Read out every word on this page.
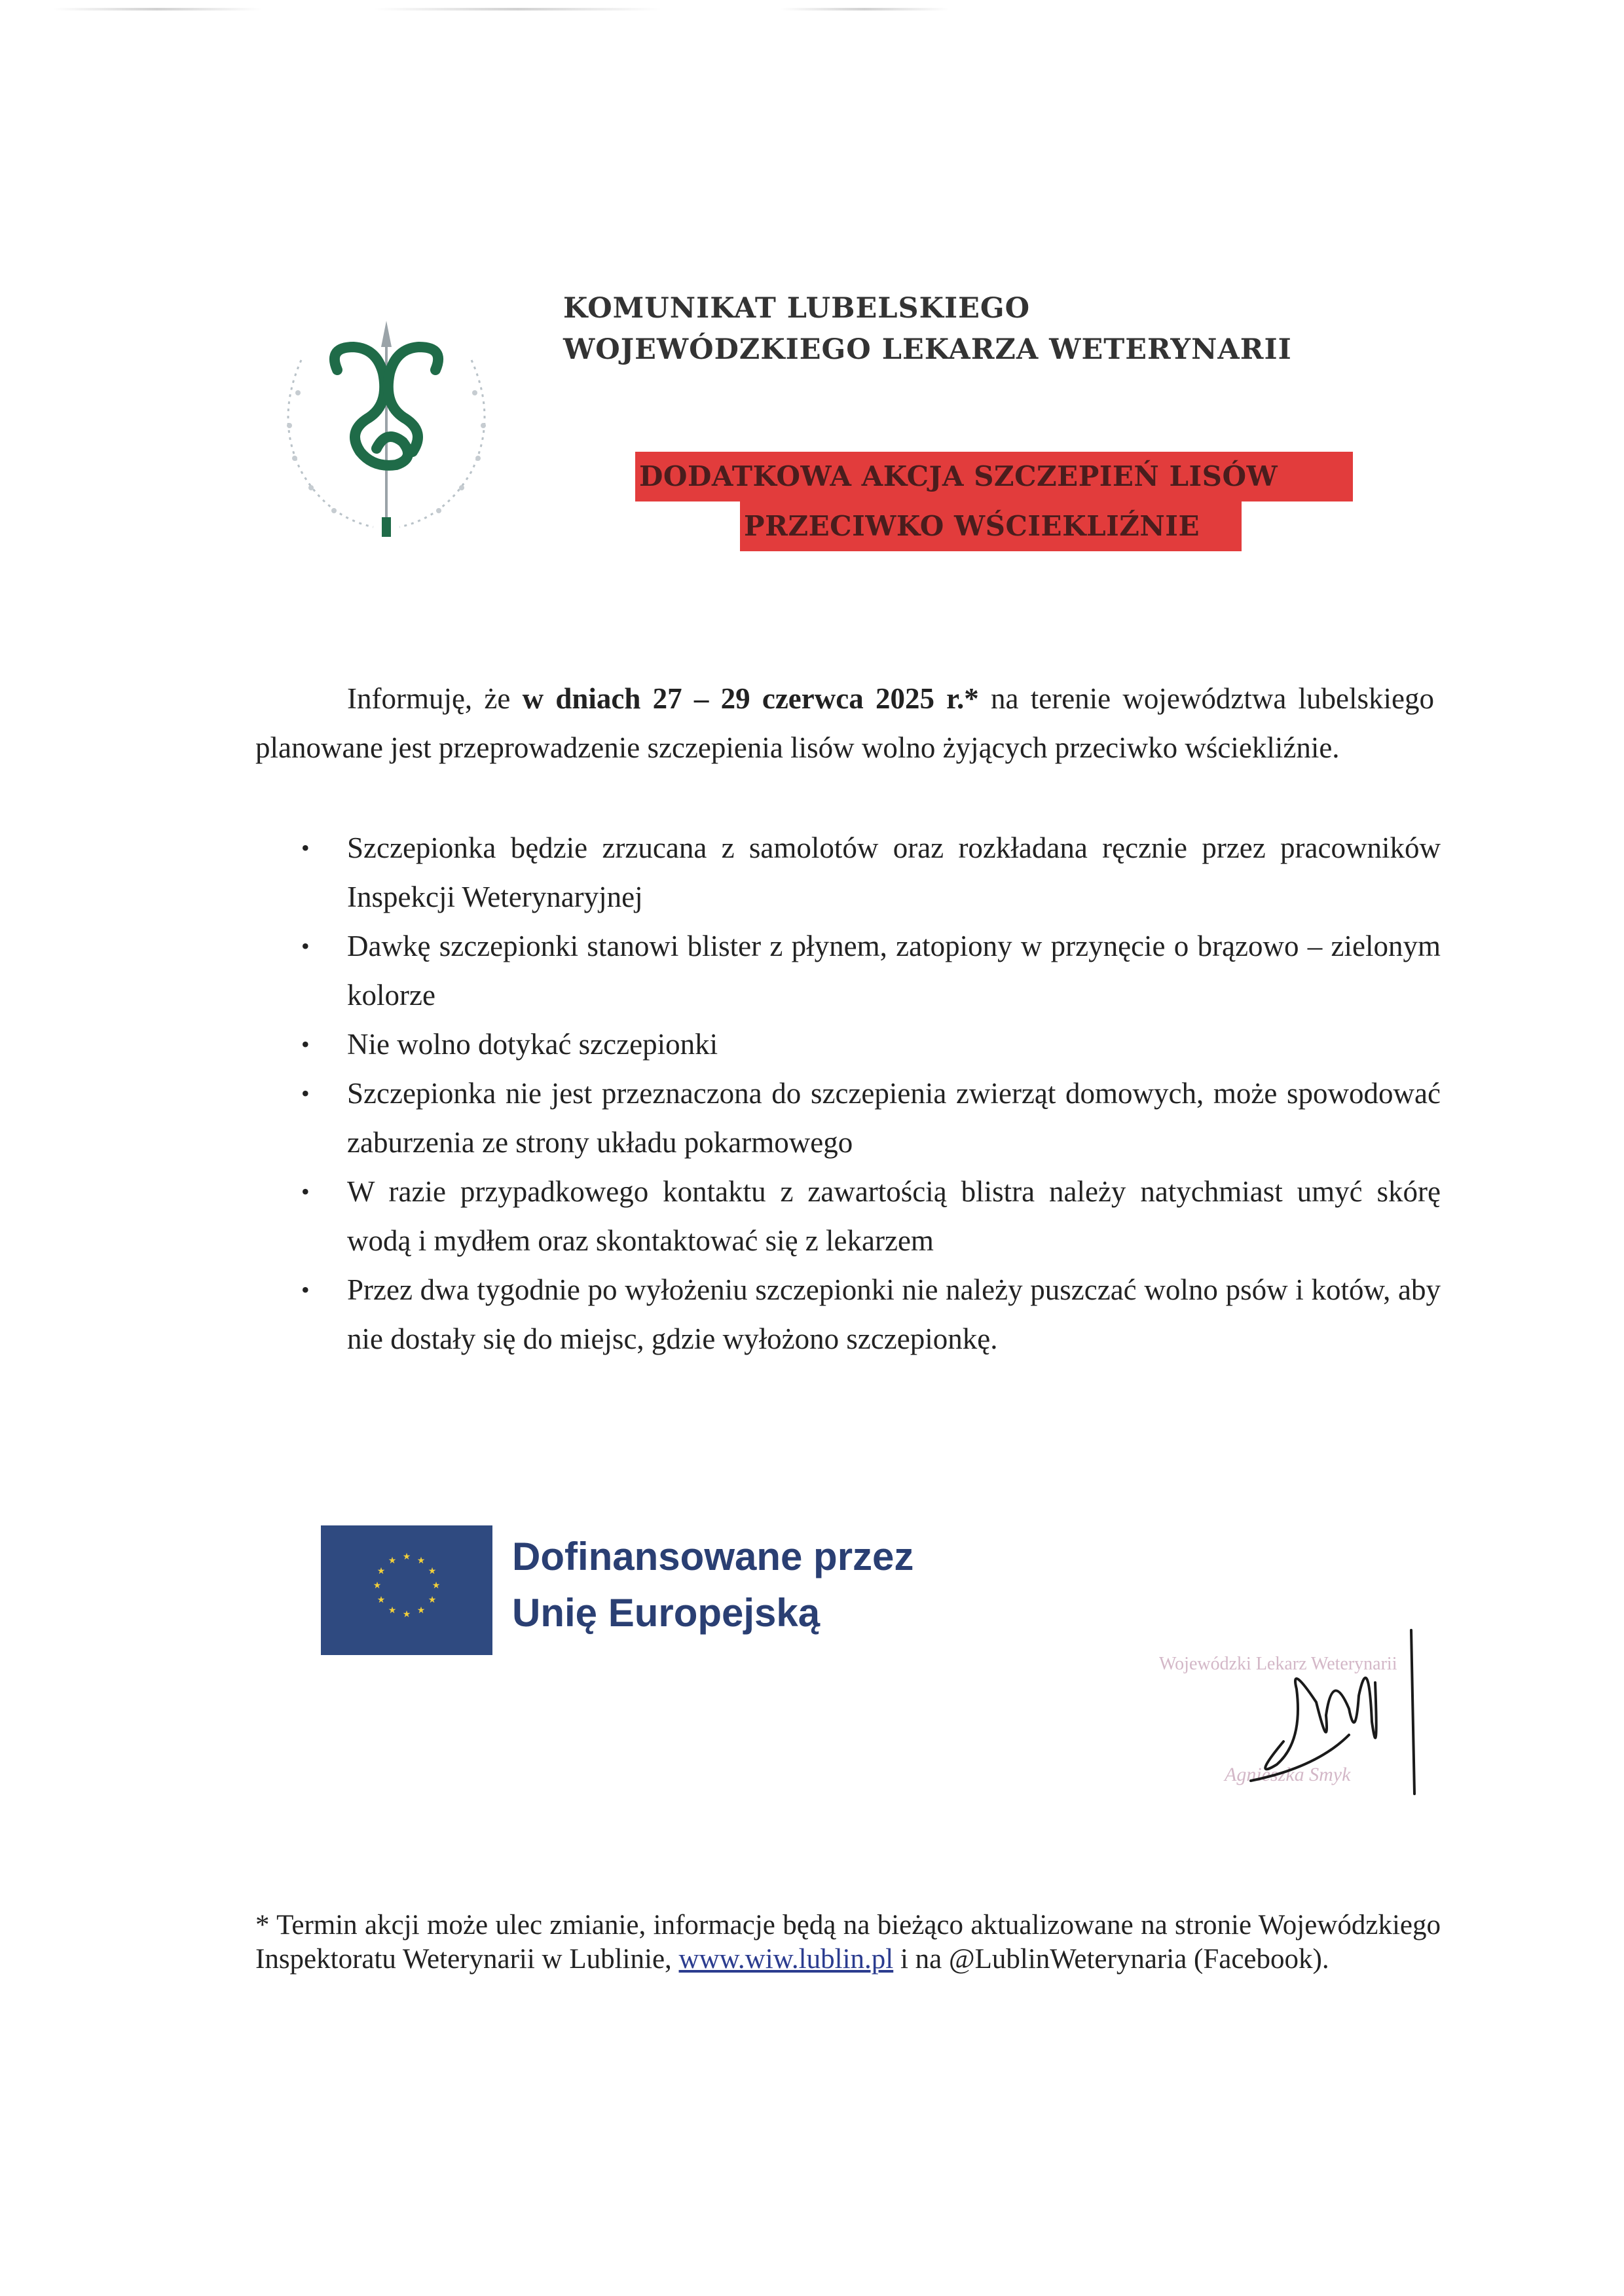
KOMUNIKAT LUBELSKIEGO
WOJEWÓDZKIEGO LEKARZA WETERYNARII
DODATKOWA AKCJA SZCZEPIEŃ LISÓW
PRZECIWKO WŚCIEKLIŹNIE
Informuję, że w dniach 27 – 29 czerwca 2025 r.* na terenie województwa lubelskiego planowane jest przeprowadzenie szczepienia lisów wolno żyjących przeciwko wściekliźnie.
• Szczepionka będzie zrzucana z samolotów oraz rozkładana ręcznie przez pracowników Inspekcji Weterynaryjnej
• Dawkę szczepionki stanowi blister z płynem, zatopiony w przynęcie o brązowo – zielonym kolorze
• Nie wolno dotykać szczepionki
• Szczepionka nie jest przeznaczona do szczepienia zwierząt domowych, może spowodować zaburzenia ze strony układu pokarmowego
• W razie przypadkowego kontaktu z zawartością blistra należy natychmiast umyć skórę wodą i mydłem oraz skontaktować się z lekarzem
• Przez dwa tygodnie po wyłożeniu szczepionki nie należy puszczać wolno psów i kotów, aby nie dostały się do miejsc, gdzie wyłożono szczepionkę.
★ ★
★
★
★
★
★
★
★
★
★
★	Dofinansowane przez
Unię Europejską
Wojewódzki Lekarz Weterynarii
Agnieszka Smyk
* Termin akcji może ulec zmianie, informacje będą na bieżąco aktualizowane na stronie Wojewódzkiego Inspektoratu Weterynarii w Lublinie, www.wiw.lublin.pl i na @LublinWeterynaria (Facebook).
